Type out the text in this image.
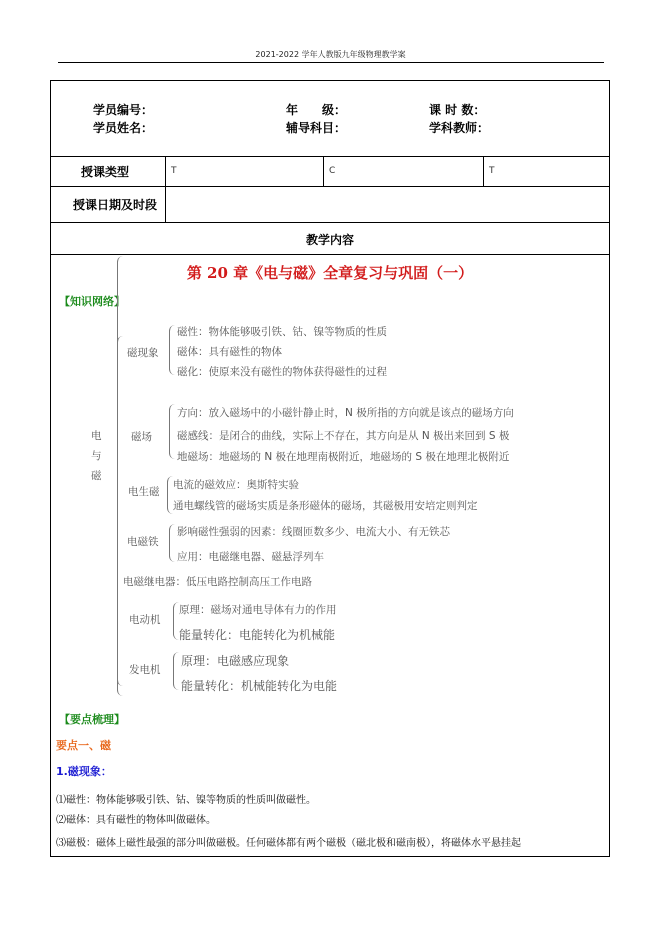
2021-2022 学年人教版九年级物理教学案
学员编号：	年　　级：	课 时 数：
学员姓名：	辅导科目：	学科教师：
授课类型	T	C	T
授课日期及时段
教学内容
第 20 章《电与磁》全章复习与巩固（一）
【知识网络】
电与磁
磁现象
磁性：物体能够吸引铁、钴、镍等物质的性质
磁体：具有磁性的物体
磁化：使原来没有磁性的物体获得磁性的过程
磁场
方向：放入磁场中的小磁针静止时，N 极所指的方向就是该点的磁场方向
磁感线：是闭合的曲线，实际上不存在，其方向是从 N 极出来回到 S 极
地磁场：地磁场的 N 极在地理南极附近，地磁场的 S 极在地理北极附近
电生磁
电流的磁效应：奥斯特实验
通电螺线管的磁场实质是条形磁体的磁场，其磁极用安培定则判定
电磁铁
影响磁性强弱的因素：线圈匝数多少、电流大小、有无铁芯
应用：电磁继电器、磁悬浮列车
电磁继电器：低压电路控制高压工作电路
电动机
原理：磁场对通电导体有力的作用
能量转化：电能转化为机械能
发电机
原理：电磁感应现象
能量转化：机械能转化为电能
【要点梳理】
要点一、磁
1.磁现象：
⑴磁性：物体能够吸引铁、钴、镍等物质的性质叫做磁性。
⑵磁体：具有磁性的物体叫做磁体。
⑶磁极：磁体上磁性最强的部分叫做磁极。任何磁体都有两个磁极（磁北极和磁南极），将磁体水平悬挂起
